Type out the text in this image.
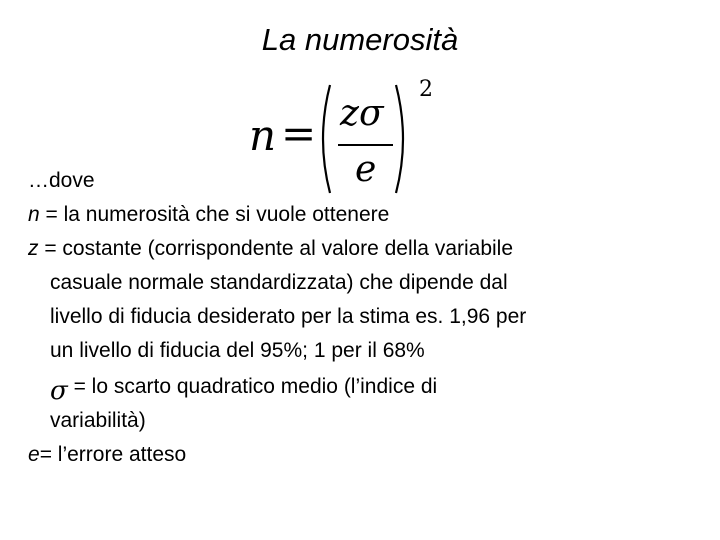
La numerosità
n = zσ
e
2
…dove
n = la numerosità che si vuole ottenere
z = costante (corrispondente al valore della variabile
casuale normale standardizzata) che dipende dal
livello di fiducia desiderato per la stima es. 1,96 per
un livello di fiducia del 95%; 1 per il 68%
σ = lo scarto quadratico medio (l’indice di
variabilità)
e= l’errore atteso
